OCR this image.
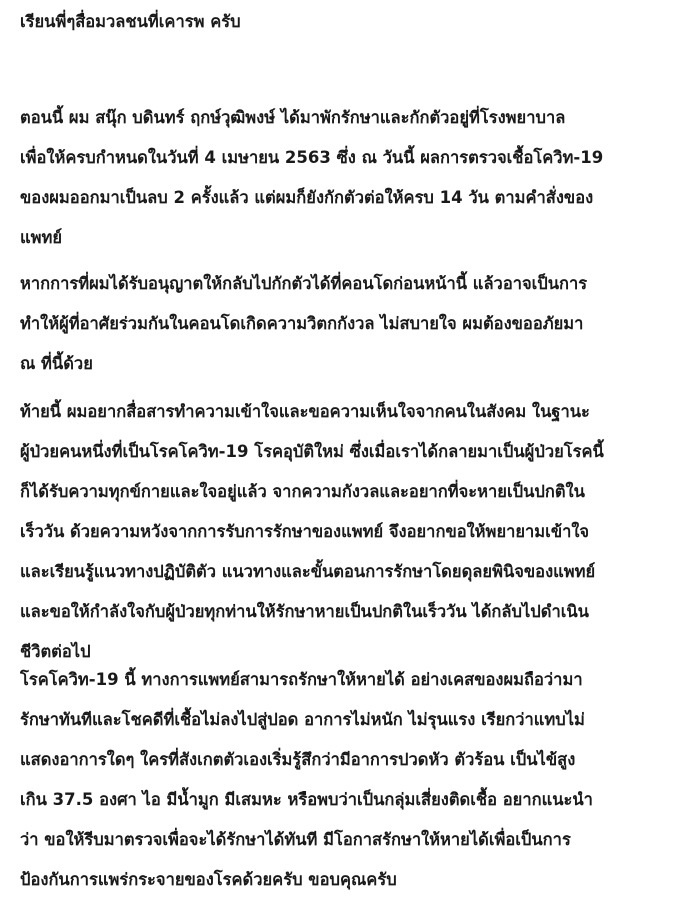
เรียนพี่ๆสื่อมวลชนที่เคารพ ครับ
ตอนนี้ ผม สนุ๊ก บดินทร์ ฤกษ์วุฒิพงษ์ ได้มาพักรักษาและกักตัวอยู่ที่โรงพยาบาล
เพื่อให้ครบกำหนดในวันที่ 4 เมษายน 2563 ซึ่ง ณ วันนี้ ผลการตรวจเชื้อโควิท-19
ของผมออกมาเป็นลบ 2 ครั้งแล้ว แต่ผมก็ยังกักตัวต่อให้ครบ 14 วัน ตามคำสั่งของ
แพทย์
หากการที่ผมได้รับอนุญาตให้กลับไปกักตัวได้ที่คอนโดก่อนหน้านี้ แล้วอาจเป็นการ
ทำให้ผู้ที่อาศัยร่วมกันในคอนโดเกิดความวิตกกังวล ไม่สบายใจ ผมต้องขออภัยมา
ณ ที่นี้ด้วย
ท้ายนี้ ผมอยากสื่อสารทำความเข้าใจและขอความเห็นใจจากคนในสังคม ในฐานะ
ผู้ป่วยคนหนึ่งที่เป็นโรคโควิท-19 โรคอุบัติใหม่ ซึ่งเมื่อเราได้กลายมาเป็นผู้ป่วยโรคนี้
ก็ได้รับความทุกข์กายและใจอยู่แล้ว จากความกังวลและอยากที่จะหายเป็นปกติใน
เร็ววัน ด้วยความหวังจากการรับการรักษาของแพทย์ จึงอยากขอให้พยายามเข้าใจ
และเรียนรู้แนวทางปฏิบัติตัว แนวทางและขั้นตอนการรักษาโดยดุลยพินิจของแพทย์
และขอให้กำลังใจกับผู้ป่วยทุกท่านให้รักษาหายเป็นปกติในเร็ววัน ได้กลับไปดำเนิน
ชีวิตต่อไป
โรคโควิท-19 นี้ ทางการแพทย์สามารถรักษาให้หายได้ อย่างเคสของผมถือว่ามา
รักษาทันทีและโชคดีที่เชื้อไม่ลงไปสู่ปอด อาการไม่หนัก ไม่รุนแรง เรียกว่าแทบไม่
แสดงอาการใดๆ ใครที่สังเกตตัวเองเริ่มรู้สึกว่ามีอาการปวดหัว ตัวร้อน เป็นไข้สูง
เกิน 37.5 องศา ไอ มีน้ำมูก มีเสมหะ หรือพบว่าเป็นกลุ่มเสี่ยงติดเชื้อ อยากแนะนำ
ว่า ขอให้รีบมาตรวจเพื่อจะได้รักษาได้ทันที มีโอกาสรักษาให้หายได้เพื่อเป็นการ
ป้องกันการแพร่กระจายของโรคด้วยครับ ขอบคุณครับ
